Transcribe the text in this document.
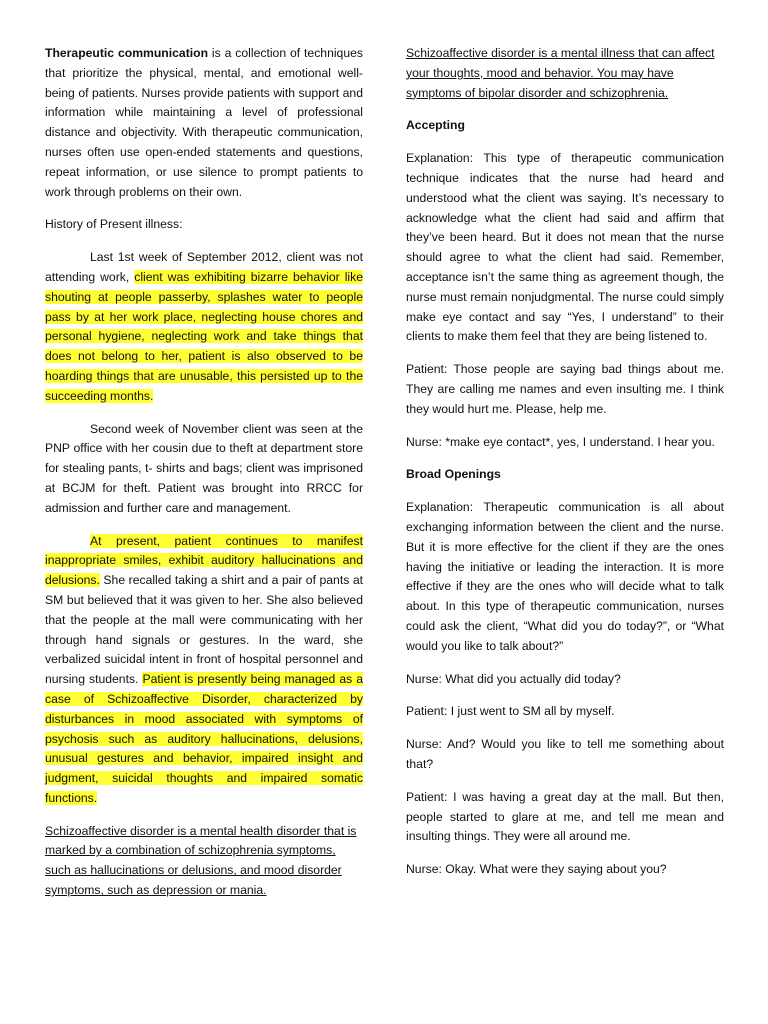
Therapeutic communication is a collection of techniques that prioritize the physical, mental, and emotional well-being of patients. Nurses provide patients with support and information while maintaining a level of professional distance and objectivity. With therapeutic communication, nurses often use open-ended statements and questions, repeat information, or use silence to prompt patients to work through problems on their own.

History of Present illness:

Last 1st week of September 2012, client was not attending work, client was exhibiting bizarre behavior like shouting at people passerby, splashes water to people pass by at her work place, neglecting house chores and personal hygiene, neglecting work and take things that does not belong to her, patient is also observed to be hoarding things that are unusable, this persisted up to the succeeding months.

Second week of November client was seen at the PNP office with her cousin due to theft at department store for stealing pants, t- shirts and bags; client was imprisoned at BCJM for theft. Patient was brought into RRCC for admission and further care and management.

At present, patient continues to manifest inappropriate smiles, exhibit auditory hallucinations and delusions. She recalled taking a shirt and a pair of pants at SM but believed that it was given to her. She also believed that the people at the mall were communicating with her through hand signals or gestures. In the ward, she verbalized suicidal intent in front of hospital personnel and nursing students. Patient is presently being managed as a case of Schizoaffective Disorder, characterized by disturbances in mood associated with symptoms of psychosis such as auditory hallucinations, delusions, unusual gestures and behavior, impaired insight and judgment, suicidal thoughts and impaired somatic functions.

Schizoaffective disorder is a mental health disorder that is marked by a combination of schizophrenia symptoms, such as hallucinations or delusions, and mood disorder symptoms, such as depression or mania.

Schizoaffective disorder is a mental illness that can affect your thoughts, mood and behavior. You may have symptoms of bipolar disorder and schizophrenia.

Accepting

Explanation: This type of therapeutic communication technique indicates that the nurse had heard and understood what the client was saying. It’s necessary to acknowledge what the client had said and affirm that they’ve been heard. But it does not mean that the nurse should agree to what the client had said. Remember, acceptance isn’t the same thing as agreement though, the nurse must remain nonjudgmental. The nurse could simply make eye contact and say “Yes, I understand” to their clients to make them feel that they are being listened to.

Patient: Those people are saying bad things about me. They are calling me names and even insulting me. I think they would hurt me. Please, help me.

Nurse: *make eye contact*, yes, I understand. I hear you.

Broad Openings

Explanation: Therapeutic communication is all about exchanging information between the client and the nurse. But it is more effective for the client if they are the ones having the initiative or leading the interaction. It is more effective if they are the ones who will decide what to talk about. In this type of therapeutic communication, nurses could ask the client, “What did you do today?”, or “What would you like to talk about?”

Nurse: What did you actually did today?

Patient: I just went to SM all by myself.

Nurse: And? Would you like to tell me something about that?

Patient: I was having a great day at the mall. But then, people started to glare at me, and tell me mean and insulting things. They were all around me.

Nurse: Okay. What were they saying about you?
